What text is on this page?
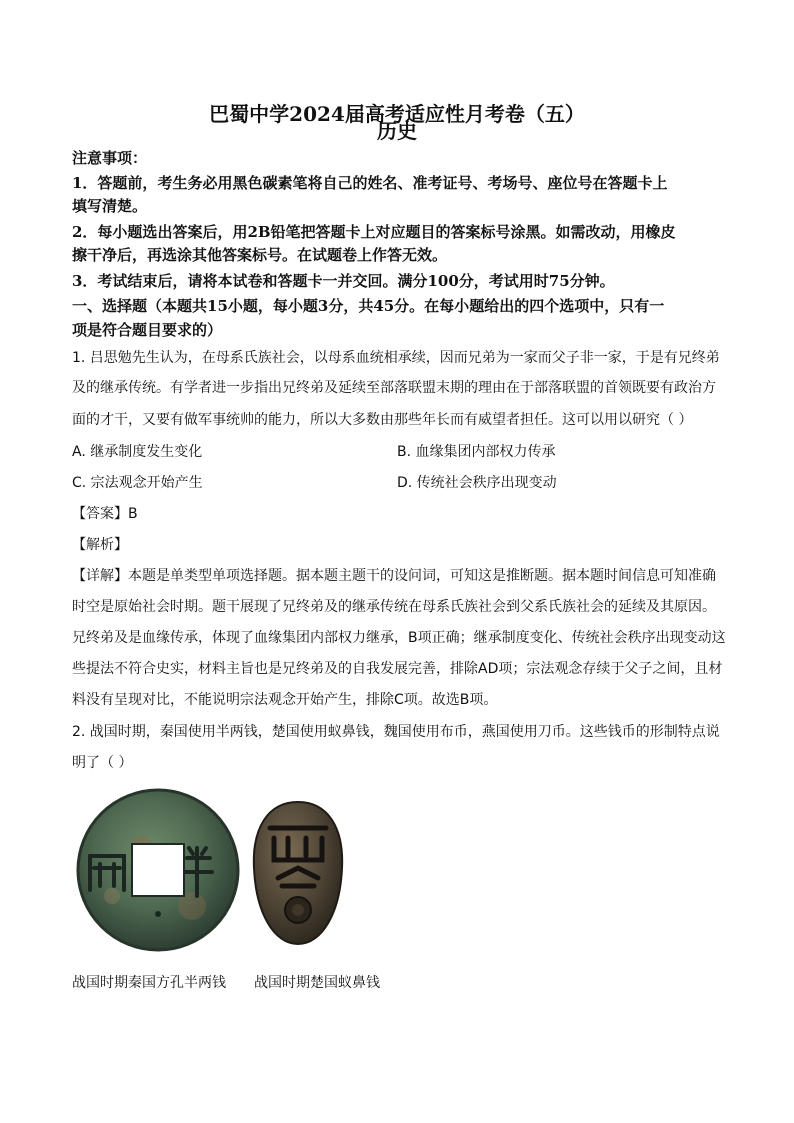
巴蜀中学2024届高考适应性月考卷（五）
历史
注意事项：
1．答题前，考生务必用黑色碳素笔将自己的姓名、准考证号、考场号、座位号在答题卡上
填写清楚。
2．每小题选出答案后，用2B铅笔把答题卡上对应题目的答案标号涂黑。如需改动，用橡皮
擦干净后，再选涂其他答案标号。在试题卷上作答无效。
3．考试结束后，请将本试卷和答题卡一并交回。满分100分，考试用时75分钟。
一、选择题（本题共15小题，每小题3分，共45分。在每小题给出的四个选项中，只有一
项是符合题目要求的）
1. 吕思勉先生认为，在母系氏族社会，以母系血统相承续，因而兄弟为一家而父子非一家，于是有兄终弟
及的继承传统。有学者进一步指出兄终弟及延续至部落联盟末期的理由在于部落联盟的首领既要有政治方
面的才干，又要有做军事统帅的能力，所以大多数由那些年长而有威望者担任。这可以用以研究（ ）
A. 继承制度发生变化	B. 血缘集团内部权力传承
C. 宗法观念开始产生	D. 传统社会秩序出现变动
【答案】B
【解析】
【详解】本题是单类型单项选择题。据本题主题干的设问词，可知这是推断题。据本题时间信息可知准确
时空是原始社会时期。题干展现了兄终弟及的继承传统在母系氏族社会到父系氏族社会的延续及其原因。
兄终弟及是血缘传承，体现了血缘集团内部权力继承，B项正确；继承制度变化、传统社会秩序出现变动这
些提法不符合史实，材料主旨也是兄终弟及的自我发展完善，排除AD项；宗法观念存续于父子之间，且材
料没有呈现对比，不能说明宗法观念开始产生，排除C项。故选B项。
2. 战国时期，秦国使用半两钱，楚国使用蚁鼻钱，魏国使用布币，燕国使用刀币。这些钱币的形制特点说
明了（ ）
战国时期秦国方孔半两钱 战国时期楚国蚁鼻钱
